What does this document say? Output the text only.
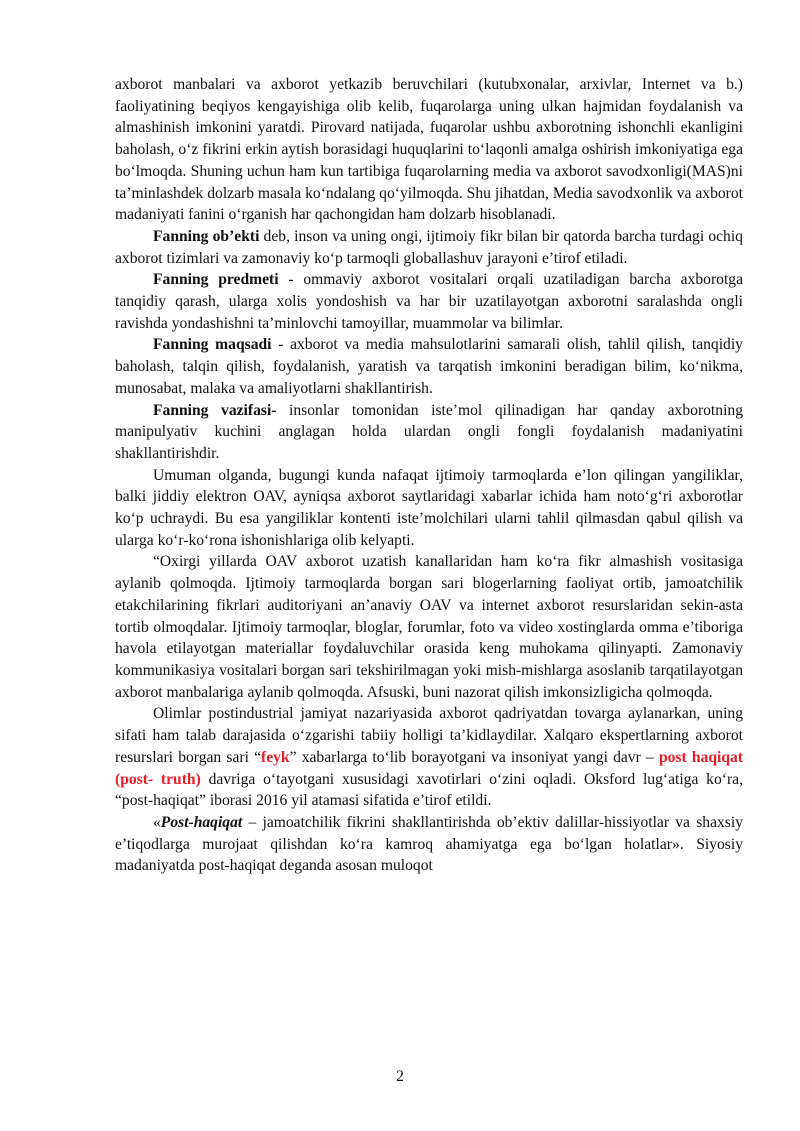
axborot manbalari va axborot yetkazib beruvchilari (kutubxonalar, arxivlar, Internet va b.) faoliyatining beqiyos kengayishiga olib kelib, fuqarolarga uning ulkan hajmidan foydalanish va almashinish imkonini yaratdi. Pirovard natijada, fuqarolar ushbu axborotning ishonchli ekanligini baholash, o‘z fikrini erkin aytish borasidagi huquqlarini to‘laqonli amalga oshirish imkoniyatiga ega bo‘lmoqda. Shuning uchun ham kun tartibiga fuqarolarning media va axborot savodxonligi(MAS)ni ta’minlashdek dolzarb masala ko‘ndalang qo‘yilmoqda. Shu jihatdan, Media savodxonlik va axborot madaniyati fanini o‘rganish har qachongidan ham dolzarb hisoblanadi.

Fanning ob’ekti deb, inson va uning ongi, ijtimoiy fikr bilan bir qatorda barcha turdagi ochiq axborot tizimlari va zamonaviy ko‘p tarmoqli globallashuv jarayoni e’tirof etiladi.

Fanning predmeti - ommaviy axborot vositalari orqali uzatiladigan barcha axborotga tanqidiy qarash, ularga xolis yondoshish va har bir uzatilayotgan axborotni saralashda ongli ravishda yondashishni ta’minlovchi tamoyillar, muammolar va bilimlar.

Fanning maqsadi - axborot va media mahsulotlarini samarali olish, tahlil qilish, tanqidiy baholash, talqin qilish, foydalanish, yaratish va tarqatish imkonini beradigan bilim, ko‘nikma, munosabat, malaka va amaliyotlarni shakllantirish.

Fanning vazifasi- insonlar tomonidan iste’mol qilinadigan har qanday axborotning manipulyativ kuchini anglagan holda ulardan ongli fongli foydalanish madaniyatini shakllantirishdir.

Umuman olganda, bugungi kunda nafaqat ijtimoiy tarmoqlarda e’lon qilingan yangiliklar, balki jiddiy elektron OAV, ayniqsa axborot saytlaridagi xabarlar ichida ham noto‘g‘ri axborotlar ko‘p uchraydi. Bu esa yangiliklar kontenti iste’molchilari ularni tahlil qilmasdan qabul qilish va ularga ko‘r-ko‘rona ishonishlariga olib kelyapti.

“Oxirgi yillarda OAV axborot uzatish kanallaridan ham ko‘ra fikr almashish vositasiga aylanib qolmoqda. Ijtimoiy tarmoqlarda borgan sari blogerlarning faoliyat ortib, jamoatchilik etakchilarining fikrlari auditoriyani an’anaviy OAV va internet axborot resurslaridan sekin-asta tortib olmoqdalar. Ijtimoiy tarmoqlar, bloglar, forumlar, foto va video xostinglarda omma e’tiboriga havola etilayotgan materiallar foydaluvchilar orasida keng muhokama qilinyapti. Zamonaviy kommunikasiya vositalari borgan sari tekshirilmagan yoki mish-mishlarga asoslanib tarqatilayotgan axborot manbalariga aylanib qolmoqda. Afsuski, buni nazorat qilish imkonsizligicha qolmoqda.

Olimlar postindustrial jamiyat nazariyasida axborot qadriyatdan tovarga aylanarkan, uning sifati ham talab darajasida o‘zgarishi tabiiy holligi ta’kidlaydilar. Xalqaro ekspertlarning axborot resurslari borgan sari “feyk” xabarlarga to‘lib borayotgani va insoniyat yangi davr – post haqiqat (post- truth) davriga o‘tayotgani xususidagi xavotirlari o‘zini oqladi. Oksford lug‘atiga ko‘ra, “post-haqiqat” iborasi 2016 yil atamasi sifatida e’tirof etildi.

«Post-haqiqat – jamoatchilik fikrini shakllantirishda ob’ektiv dalillar-hissiyotlar va shaxsiy e’tiqodlarga murojaat qilishdan ko‘ra kamroq ahamiyatga ega bo‘lgan holatlar». Siyosiy madaniyatda post-haqiqat deganda asosan muloqot

2
